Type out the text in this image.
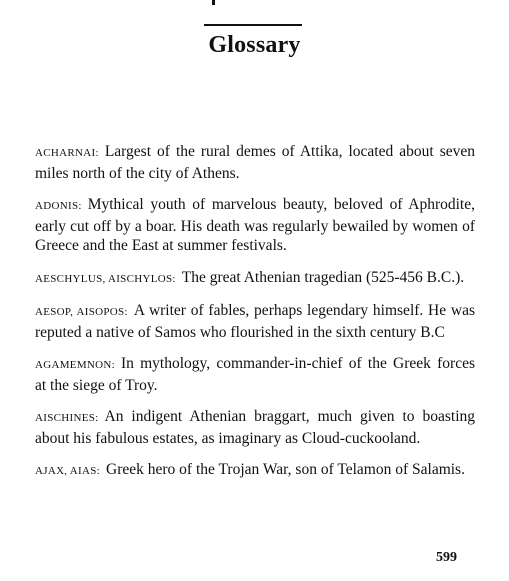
Glossary
ACHARNAI: Largest of the rural demes of Attika, located about seven miles north of the city of Athens.
ADONIS: Mythical youth of marvelous beauty, beloved of Aphrodite, early cut off by a boar. His death was regularly bewailed by women of Greece and the East at summer festivals.
AESCHYLUS, AISCHYLOS: The great Athenian tragedian (525-456 B.C.).
AESOP, AISOPOS: A writer of fables, perhaps legendary himself. He was reputed a native of Samos who flourished in the sixth century B.C
AGAMEMNON: In mythology, commander-in-chief of the Greek forces at the siege of Troy.
AISCHINES: An indigent Athenian braggart, much given to boasting about his fabulous estates, as imaginary as Cloud-cuckooland.
AJAX, AIAS: Greek hero of the Trojan War, son of Telamon of Salamis.

599
